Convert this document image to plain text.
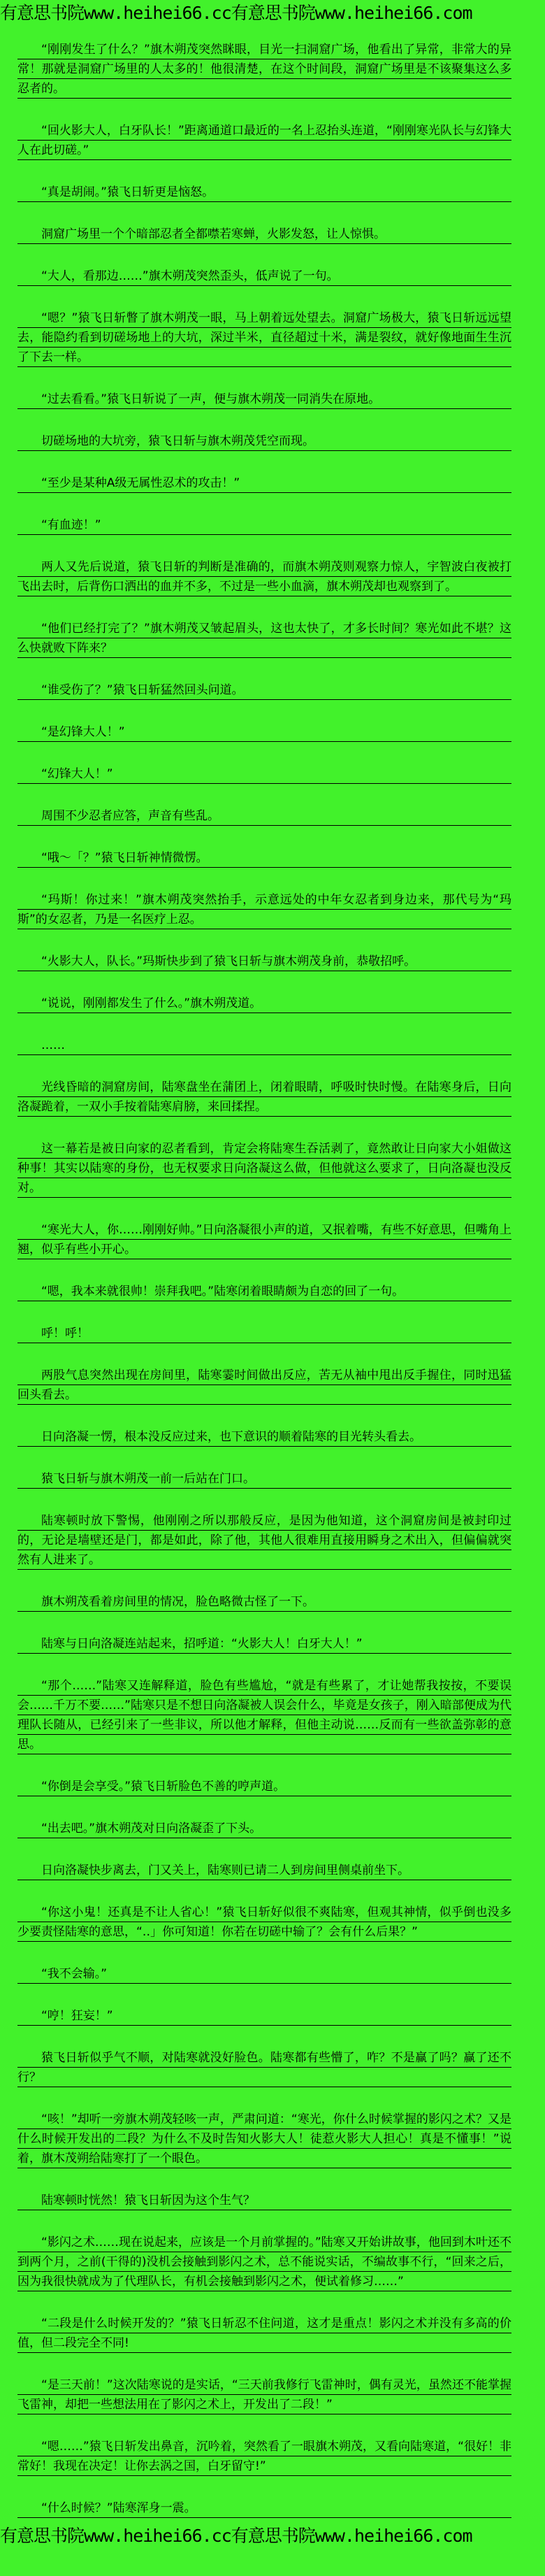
有意思书院www.heihei66.cc有意思书院www.heihei66.com

“刚刚发生了什么？”旗木朔茂突然眯眼，目光一扫洞窟广场，他看出了异常，非常大的异常！那就是洞窟广场里的人太多的！他很清楚，在这个时间段，洞窟广场里是不该聚集这么多忍者的。

“回火影大人，白牙队长！”距离通道口最近的一名上忍抬头连道，“刚刚寒光队长与幻锋大人在此切磋。”

“真是胡闹。”猿飞日斩更是恼怒。

洞窟广场里一个个暗部忍者全都噤若寒蝉，火影发怒，让人惊惧。

“大人，看那边……”旗木朔茂突然歪头，低声说了一句。

“嗯？”猿飞日斩瞥了旗木朔茂一眼，马上朝着远处望去。洞窟广场极大，猿飞日斩远远望去，能隐约看到切磋场地上的大坑，深过半米，直径超过十米，满是裂纹，就好像地面生生沉了下去一样。

“过去看看。”猿飞日斩说了一声，便与旗木朔茂一同消失在原地。

切磋场地的大坑旁，猿飞日斩与旗木朔茂凭空而现。

“至少是某种A级无属性忍术的攻击！”

“有血迹！”

两人又先后说道，猿飞日斩的判断是准确的，而旗木朔茂则观察力惊人，宇智波白夜被打飞出去时，后背伤口洒出的血并不多，不过是一些小血滴，旗木朔茂却也观察到了。

“他们已经打完了？”旗木朔茂又皱起眉头，这也太快了，才多长时间？寒光如此不堪？这么快就败下阵来？

“谁受伤了？”猿飞日斩猛然回头问道。

“是幻锋大人！”

“幻锋大人！”

周围不少忍者应答，声音有些乱。

“哦～「？”猿飞日斩神情微愣。

“玛斯！你过来！”旗木朔茂突然抬手，示意远处的中年女忍者到身边来，那代号为“玛斯”的女忍者，乃是一名医疗上忍。

“火影大人，队长。”玛斯快步到了猿飞日斩与旗木朔茂身前，恭敬招呼。

“说说，刚刚都发生了什么。”旗木朔茂道。

……

光线昏暗的洞窟房间，陆寒盘坐在蒲团上，闭着眼睛，呼吸时快时慢。在陆寒身后，日向洛凝跪着，一双小手按着陆寒肩膀，来回揉捏。

这一幕若是被日向家的忍者看到，肯定会将陆寒生吞活剥了，竟然敢让日向家大小姐做这种事！其实以陆寒的身份，也无权要求日向洛凝这么做，但他就这么要求了，日向洛凝也没反对。

“寒光大人，你……刚刚好帅。”日向洛凝很小声的道，又抿着嘴，有些不好意思，但嘴角上翘，似乎有些小开心。

“嗯，我本来就很帅！崇拜我吧。”陆寒闭着眼睛颇为自恋的回了一句。

呼！呼！

两股气息突然出现在房间里，陆寒霎时间做出反应，苦无从袖中甩出反手握住，同时迅猛回头看去。

日向洛凝一愣，根本没反应过来，也下意识的顺着陆寒的目光转头看去。

猿飞日斩与旗木朔茂一前一后站在门口。

陆寒顿时放下警惕，他刚刚之所以那般反应，是因为他知道，这个洞窟房间是被封印过的，无论是墙壁还是门，都是如此，除了他，其他人很难用直接用瞬身之术出入，但偏偏就突然有人进来了。

旗木朔茂看着房间里的情况，脸色略微古怪了一下。

陆寒与日向洛凝连站起来，招呼道：“火影大人！白牙大人！”

“那个……”陆寒又连解释道，脸色有些尴尬，“就是有些累了，才让她帮我按按，不要误会……千万不要……”陆寒只是不想日向洛凝被人误会什么，毕竟是女孩子，刚入暗部便成为代理队长随从，已经引来了一些非议，所以他才解释，但他主动说……反而有一些欲盖弥彰的意思。

“你倒是会享受。”猿飞日斩脸色不善的哼声道。

“出去吧。”旗木朔茂对日向洛凝歪了下头。

日向洛凝快步离去，门又关上，陆寒则已请二人到房间里侧桌前坐下。

“你这小鬼！还真是不让人省心！”猿飞日斩好似很不爽陆寒，但观其神情，似乎倒也没多少要责怪陆寒的意思，“‥」你可知道！你若在切磋中输了？会有什么后果？”

“我不会输。”

“哼！狂妄！”

猿飞日斩似乎气不顺，对陆寒就没好脸色。陆寒都有些懵了，咋？不是赢了吗？赢了还不行？

“咳！”却听一旁旗木朔茂轻咳一声，严肃问道：“寒光，你什么时候掌握的影闪之术？又是什么时候开发出的二段？为什么不及时告知火影大人！徒惹火影大人担心！真是不懂事！”说着，旗木茂朔给陆寒打了一个眼色。

陆寒顿时恍然！猿飞日斩因为这个生气？

“影闪之术……现在说起来，应该是一个月前掌握的。”陆寒又开始讲故事，他回到木叶还不到两个月，之前(干得的)没机会接触到影闪之术，总不能说实话，不编故事不行，“回来之后，因为我很快就成为了代理队长，有机会接触到影闪之术，便试着修习……”

“二段是什么时候开发的？”猿飞日斩忍不住问道，这才是重点！影闪之术并没有多高的价值，但二段完全不同!

“是三天前！”这次陆寒说的是实话，“三天前我修行飞雷神时，偶有灵光，虽然还不能掌握飞雷神，却把一些想法用在了影闪之术上，开发出了二段！”

“嗯……”猿飞日斩发出鼻音，沉吟着，突然看了一眼旗木朔茂，又看向陆寒道，“很好！非常好！我现在决定！让你去涡之国，白牙留守!”

“什么时候？”陆寒浑身一震。

有意思书院www.heihei66.cc有意思书院www.heihei66.com
